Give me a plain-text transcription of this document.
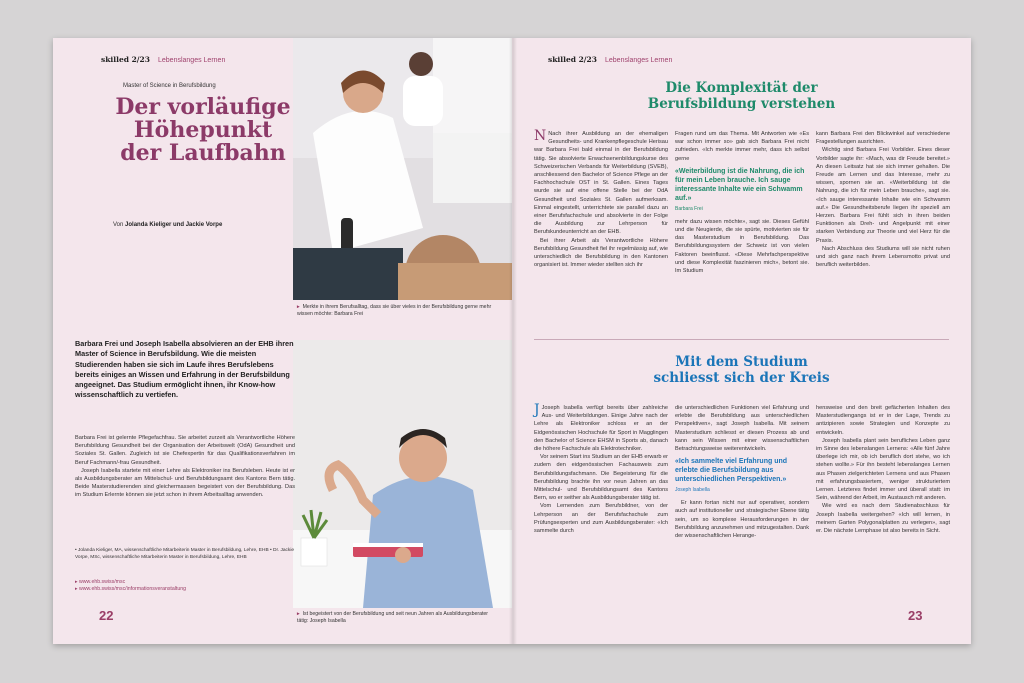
skilled 2/23 Lebenslanges Lernen
Master of Science in Berufsbildung
Der vorläufige Höhepunkt der Laufbahn
Von Jolanda Kieliger und Jackie Vorpe
▸ Merkte in ihrem Berufsalltag, dass sie über vieles in der Berufsbildung gerne mehr wissen möchte: Barbara Frei
▸ Ist begeistert von der Berufsbildung und seit neun Jahren als Ausbildungsberater tätig: Joseph Isabella
Barbara Frei und Joseph Isabella absolvieren an der EHB ihren Master of Science in Berufsbildung. Wie die meisten Studierenden haben sie sich im Laufe ihres Berufslebens bereits einiges an Wissen und Erfahrung in der Berufsbildung angeeignet. Das Studium ermöglicht ihnen, ihr Know-how wissenschaftlich zu vertiefen.

Barbara Frei ist gelernte Pflegefachfrau. Sie arbeitet zurzeit als Verantwortliche Höhere Berufsbildung Gesundheit bei der Organisation der Arbeitswelt (OdA) Gesundheit und Soziales St. Gallen. Zugleich ist sie Chefexpertin für das Qualifikationsverfahren im Beruf Fachmann/-frau Gesundheit.

Joseph Isabella startete mit einer Lehre als Elektroniker ins Berufsleben. Heute ist er als Ausbildungsberater am Mittelschul- und Berufsbildungsamt des Kantons Bern tätig. Beide Masterstudierenden sind gleichermassen begeistert von der Berufsbildung. Das im Studium Erlernte können sie jetzt schon in ihrem Arbeitsalltag anwenden.

• Jolanda Kieliger, MA, wissenschaftliche Mitarbeiterin Master in Berufsbildung, Lehre, EHB • Dr. Jackie Vorpe, MSc, wissenschaftliche Mitarbeiterin Master in Berufsbildung, Lehre, EHB
▸ www.ehb.swiss/msc
▸ www.ehb.swiss/msc/informationsveranstaltung
22
skilled 2/23 Lebenslanges Lernen
Die Komplexität der Berufsbildung verstehen

N Nach ihrer Ausbildung an der ehemaligen Gesundheits- und Krankenpflegeschule Herisau war Barbara Frei bald einmal in der Berufsbildung tätig. Sie absolvierte Erwachsenenbildungskurse des Schweizerischen Verbands für Weiterbildung (SVEB), anschliessend den Bachelor of Science Pflege an der Fachhochschule OST in St. Gallen. Eines Tages wurde sie auf eine offene Stelle bei der OdA Gesundheit und Soziales St. Gallen aufmerksam. Einmal eingestellt, unterrichtete sie parallel dazu an einer Berufsfachschule und absolvierte in der Folge die Ausbildung zur Lehrperson für Berufskundeunterricht an der EHB.

Bei ihrer Arbeit als Verantwortliche Höhere Berufsbildung Gesundheit fiel ihr regelmässig auf, wie unterschiedlich die Berufsbildung in den Kantonen organisiert ist. Immer wieder stellten sich ihr

Fragen rund um das Thema. Mit Antworten wie «Es war schon immer so» gab sich Barbara Frei nicht zufrieden. «Ich merkte immer mehr, dass ich selbst gerne

«Weiterbildung ist die Nahrung, die ich für mein Leben brauche. Ich sauge interessante Inhalte wie ein Schwamm auf.»
Barbara Frei

mehr dazu wissen möchte», sagt sie. Dieses Gefühl und die Neugierde, die sie spürte, motivierten sie für das Masterstudium in Berufsbildung. Das Berufsbildungssystem der Schweiz ist von vielen Faktoren beeinflusst. «Diese Mehrfachperspektive und diese Komplexität faszinieren mich», betont sie. Im Studium

kann Barbara Frei den Blickwinkel auf verschiedene Fragestellungen ausrichten.

Wichtig sind Barbara Frei Vorbilder. Eines dieser Vorbilder sagte ihr: «Mach, was dir Freude bereitet.» An diesen Leitsatz hat sie sich immer gehalten. Die Freude am Lernen und das Interesse, mehr zu wissen, spornen sie an. «Weiterbildung ist die Nahrung, die ich für mein Leben brauche», sagt sie. «Ich sauge interessante Inhalte wie ein Schwamm auf.» Die Gesundheitsberufe liegen ihr speziell am Herzen. Barbara Frei fühlt sich in ihren beiden Funktionen als Dreh- und Angelpunkt mit einer starken Verbindung zur Theorie und viel Herz für die Praxis.

Nach Abschluss des Studiums will sie nicht ruhen und sich ganz nach ihrem Lebensmotto privat und beruflich weiterbilden.

Mit dem Studium schliesst sich der Kreis

J Joseph Isabella verfügt bereits über zahlreiche Aus- und Weiterbildungen. Einige Jahre nach der Lehre als Elektroniker schloss er an der Eidgenössischen Hochschule für Sport in Magglingen den Bachelor of Science EHSM in Sports ab, danach die höhere Fachschule als Elektrotechniker.

Vor seinem Start ins Studium an der EHB erwarb er zudem den eidgenössischen Fachausweis zum Berufsbildungsfachmann. Die Begeisterung für die Berufsbildung brachte ihn vor neun Jahren an das Mittelschul- und Berufsbildungsamt des Kantons Bern, wo er seither als Ausbildungsberater tätig ist.

Vom Lernenden zum Berufsbildner, von der Lehrperson an der Berufsfachschule zum Prüfungsexperten und zum Ausbildungsberater: «Ich sammelte durch

die unterschiedlichen Funktionen viel Erfahrung und erlebte die Berufsbildung aus unterschiedlichen Perspektiven», sagt Joseph Isabella. Mit seinem Masterstudium schliesst er diesen Prozess ab und kann sein Wissen mit einer wissenschaftlichen Betrachtungsweise weiterentwickeln.

«Ich sammelte viel Erfahrung und erlebte die Berufsbildung aus unterschiedlichen Perspektiven.»
Joseph Isabella

Er kann fortan nicht nur auf operativer, sondern auch auf institutioneller und strategischer Ebene tätig sein, um so komplexe Herausforderungen in der Berufsbildung anzunehmen und mitzugestalten. Dank der wissenschaftlichen Herange-

hensweise und den breit gefächerten Inhalten des Masterstudiengangs ist er in der Lage, Trends zu antizipieren sowie Strategien und Konzepte zu entwickeln.

Joseph Isabella plant sein berufliches Leben ganz im Sinne des lebenslangen Lernens: «Alle fünf Jahre überlege ich mir, ob ich beruflich dort stehe, wo ich stehen wollte.» Für ihn besteht lebenslanges Lernen aus Phasen zielgerichteten Lernens und aus Phasen mit erfahrungsbasiertem, weniger strukturiertem Lernen. Letzteres findet immer und überall statt: im Sein, während der Arbeit, im Austausch mit anderen.

Wie wird es nach dem Studienabschluss für Joseph Isabella weitergehen? «Ich will lernen, in meinem Garten Polygonalplatten zu verlegen», sagt er. Die nächste Lernphase ist also bereits in Sicht.

23
